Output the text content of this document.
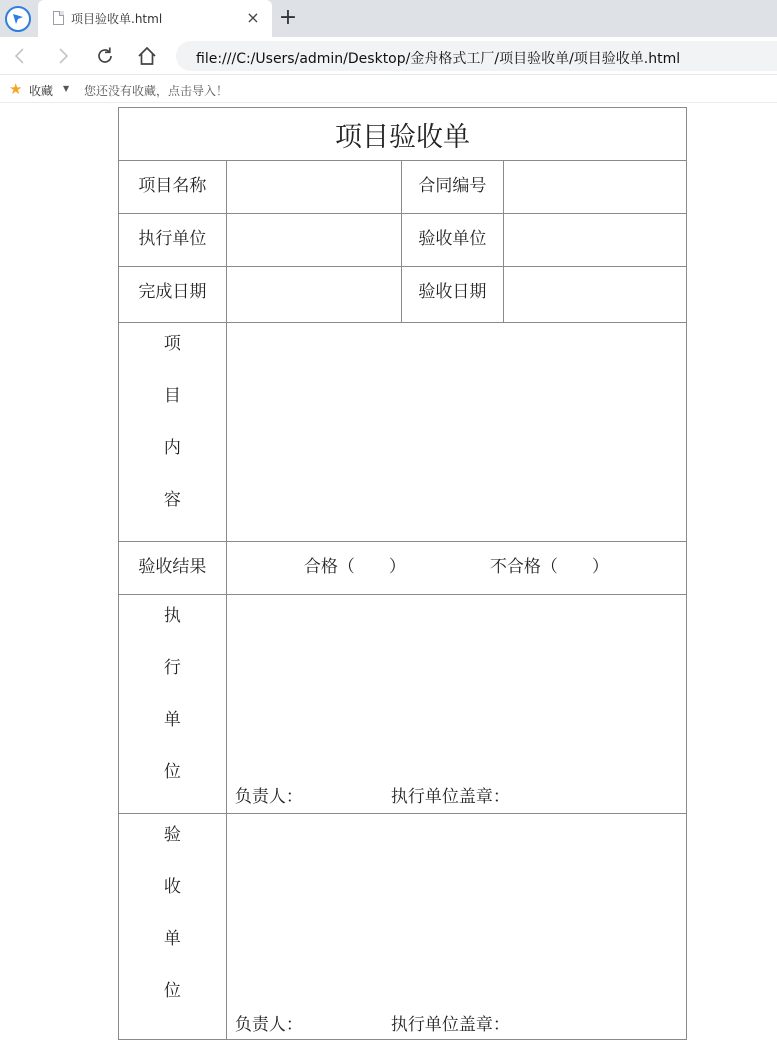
项目验收单.html	× +
file:///C:/Users/admin/Desktop/金舟格式工厂/项目验收单/项目验收单.html
★ 收藏 ▼ 您还没有收藏，点击导入！
项目验收单			
项目名称		合同编号	
执行单位		验收单位	
完成日期		验收日期	

项
目
内
容			

验收结果	合格（　　） 不合格（　　）		

执
行
单
位	负责人： 执行单位盖章：		

验
收
单
位	负责人： 执行单位盖章：		
